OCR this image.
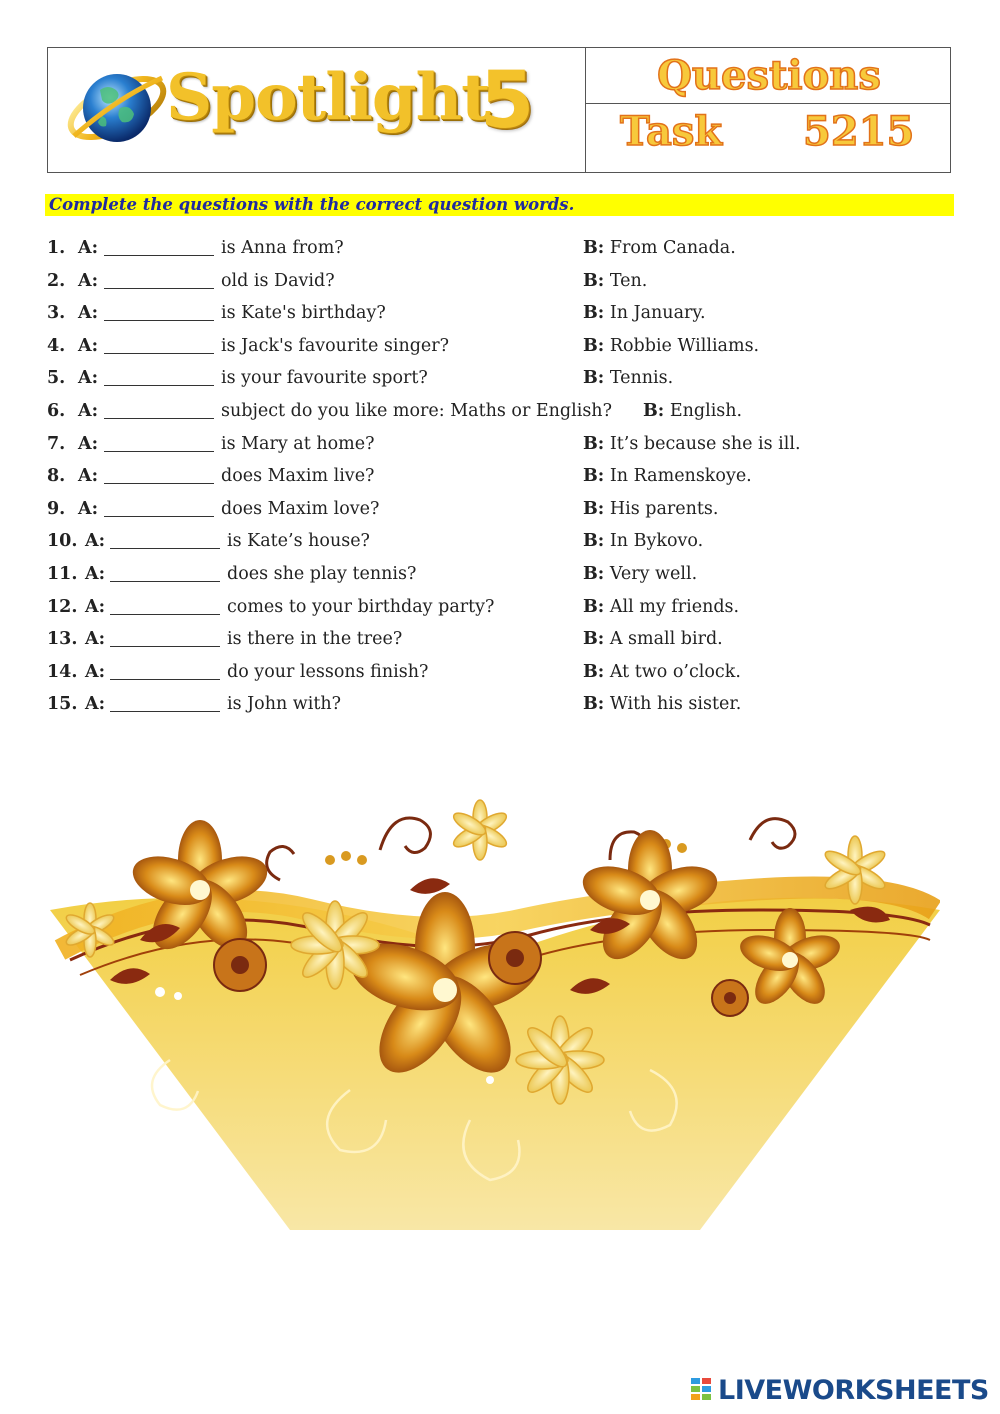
Spotlight
5	Questions
Task 5215
Complete the questions with the correct question words.
1. A:	is Anna from?	B: From Canada.
2. A:	old is David?	B: Ten.
3. A:	is Kate's birthday?	B: In January.
4. A:	is Jack's favourite singer?	B: Robbie Williams.
5. A:	is your favourite sport?	B: Tennis.
6. A:	subject do you like more: Maths or English? B: English.
7. A:	is Mary at home?	B: It’s because she is ill.
8. A:	does Maxim live?	B: In Ramenskoye.
9. A:	does Maxim love?	B: His parents.
10. A:	is Kate’s house?	B: In Bykovo.
11. A:	does she play tennis?	B: Very well.
12. A:	comes to your birthday party?	B: All my friends.
13. A:	is there in the tree?	B: A small bird.
14. A:	do your lessons finish?	B: At two o’clock.
15. A:	is John with?	B: With his sister.
LIVEWORKSHEETS
